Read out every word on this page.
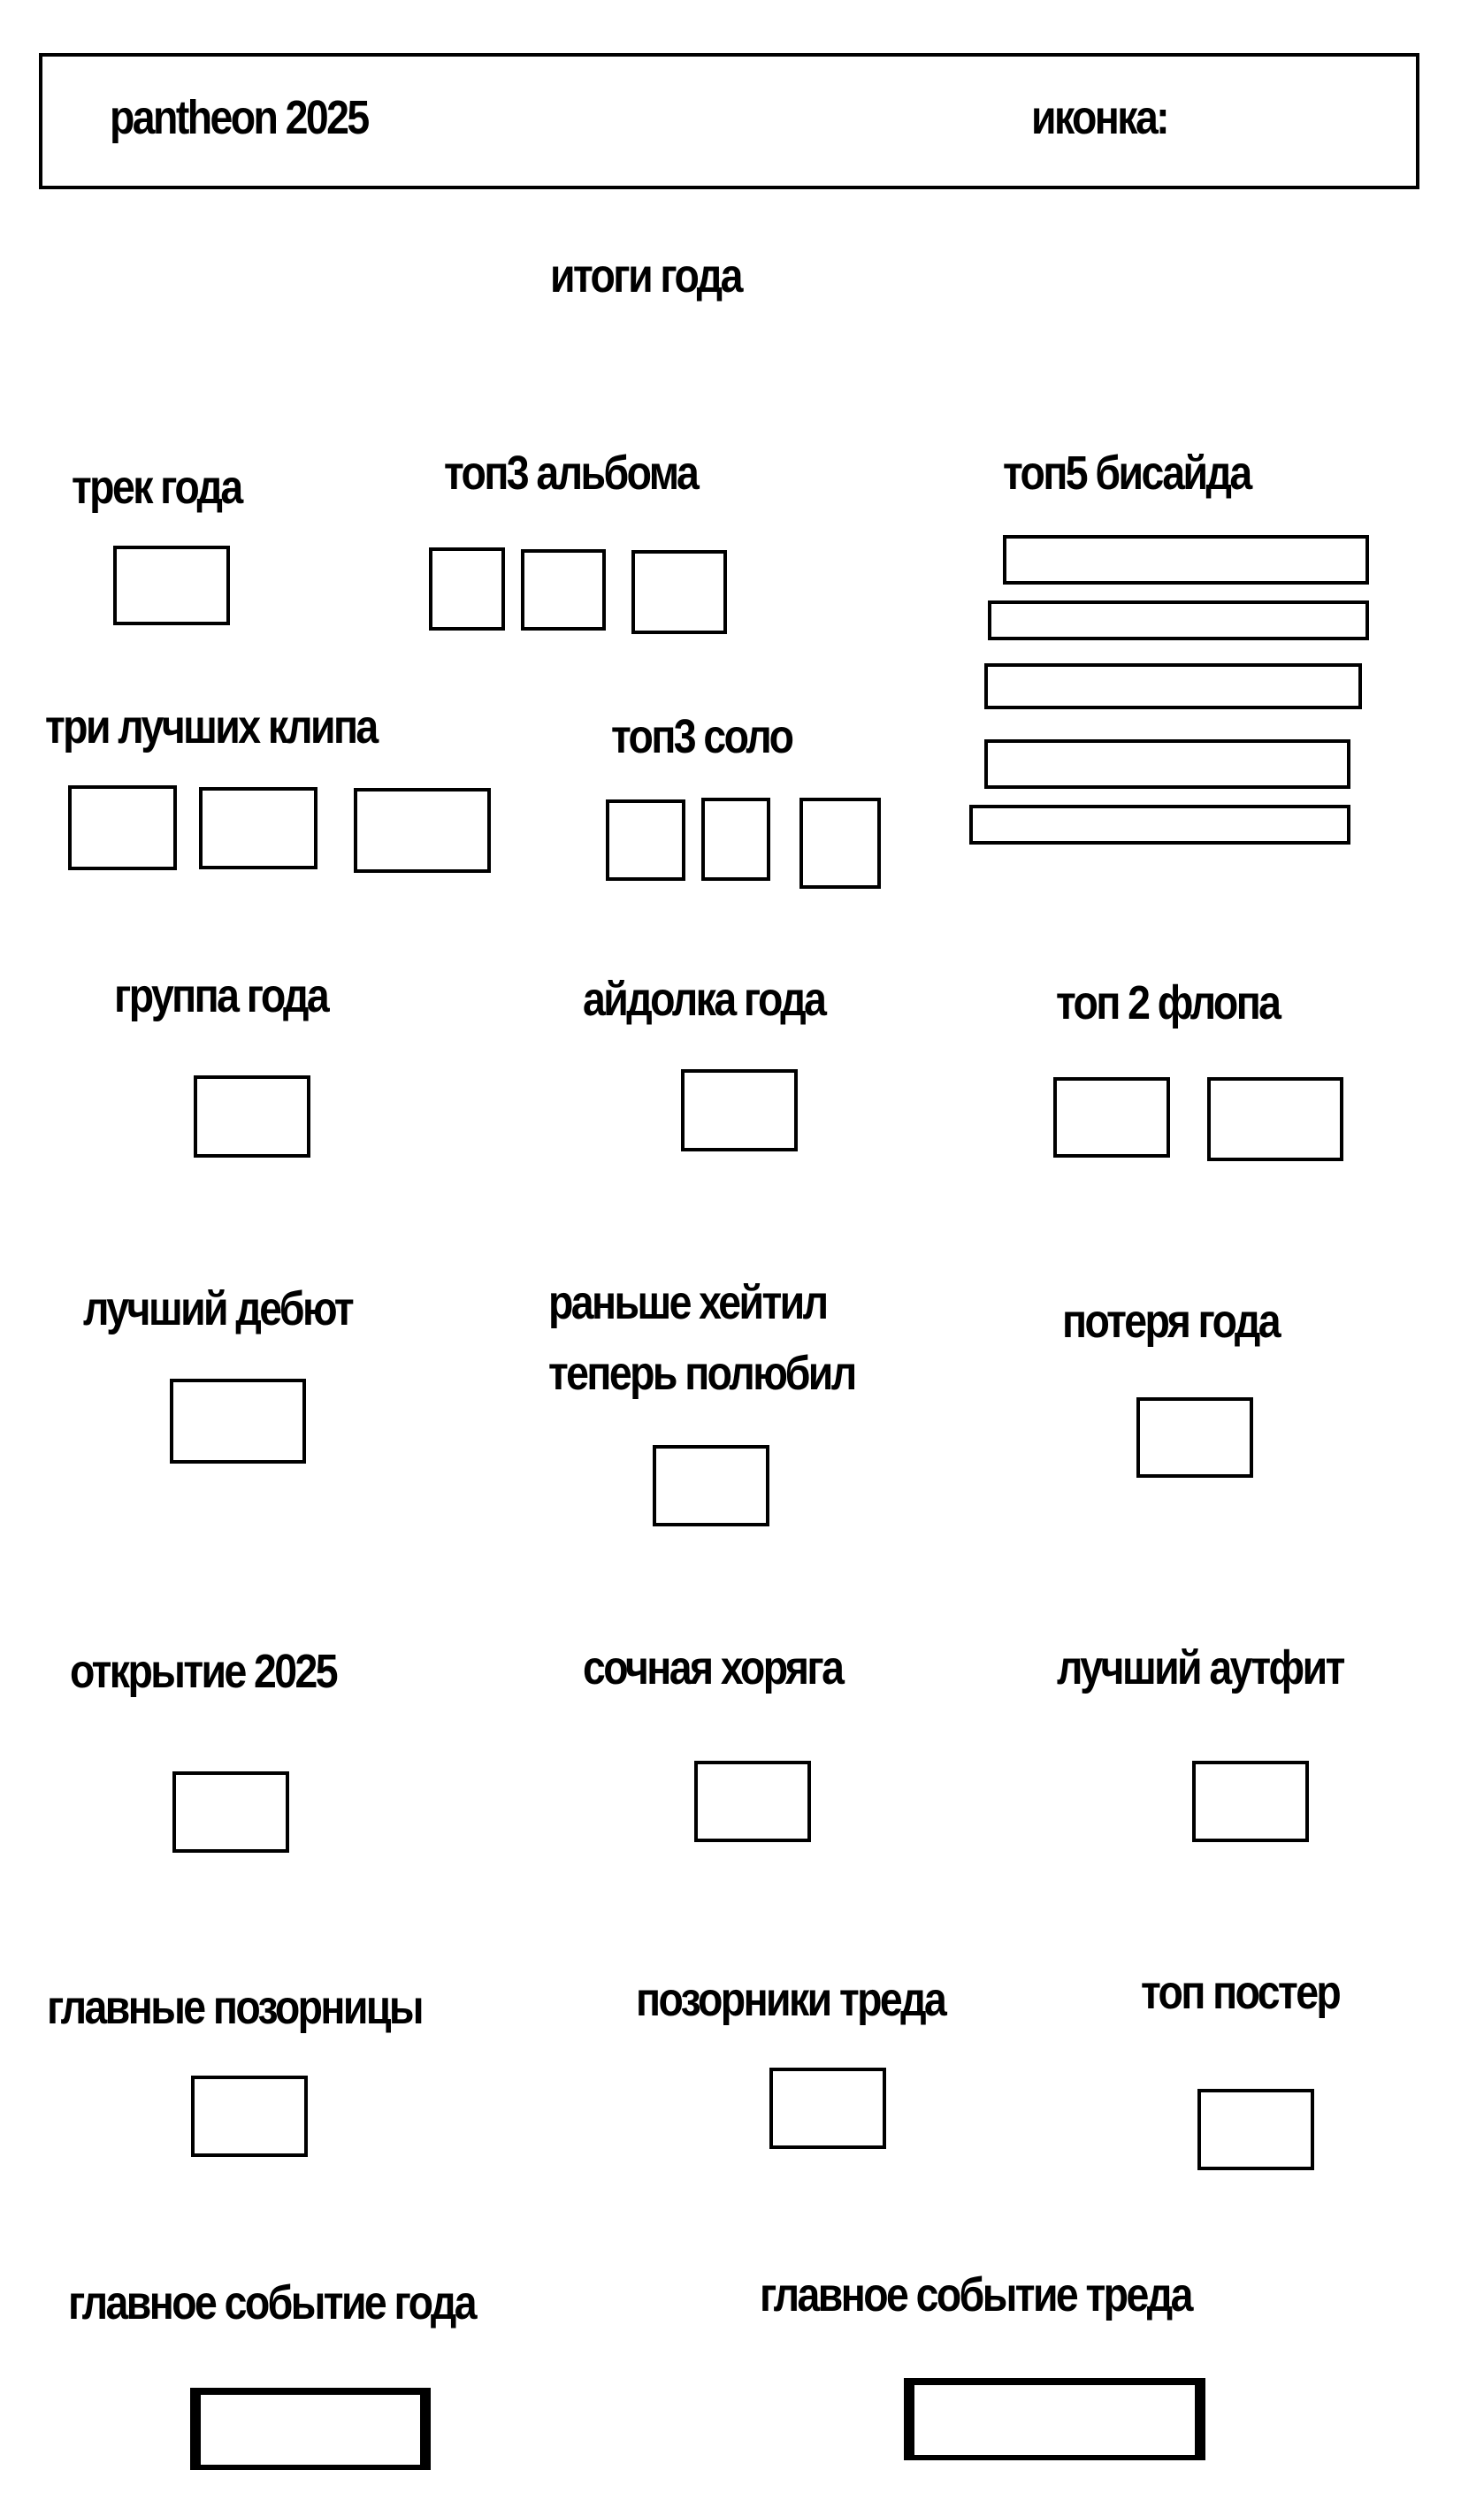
pantheon 2025	иконка:
итоги года
трек года	топ3 альбома	топ5 бисайда
три лучших клипа	топ3 соло
группа года	айдолка года	топ 2 флопа
лучший дебют	раньше хейтил
теперь полюбил
потеря года
открытие 2025	сочная хоряга	лучший аутфит
главные позорницы	позорники треда	топ постер
главное событие года	главное событие треда
